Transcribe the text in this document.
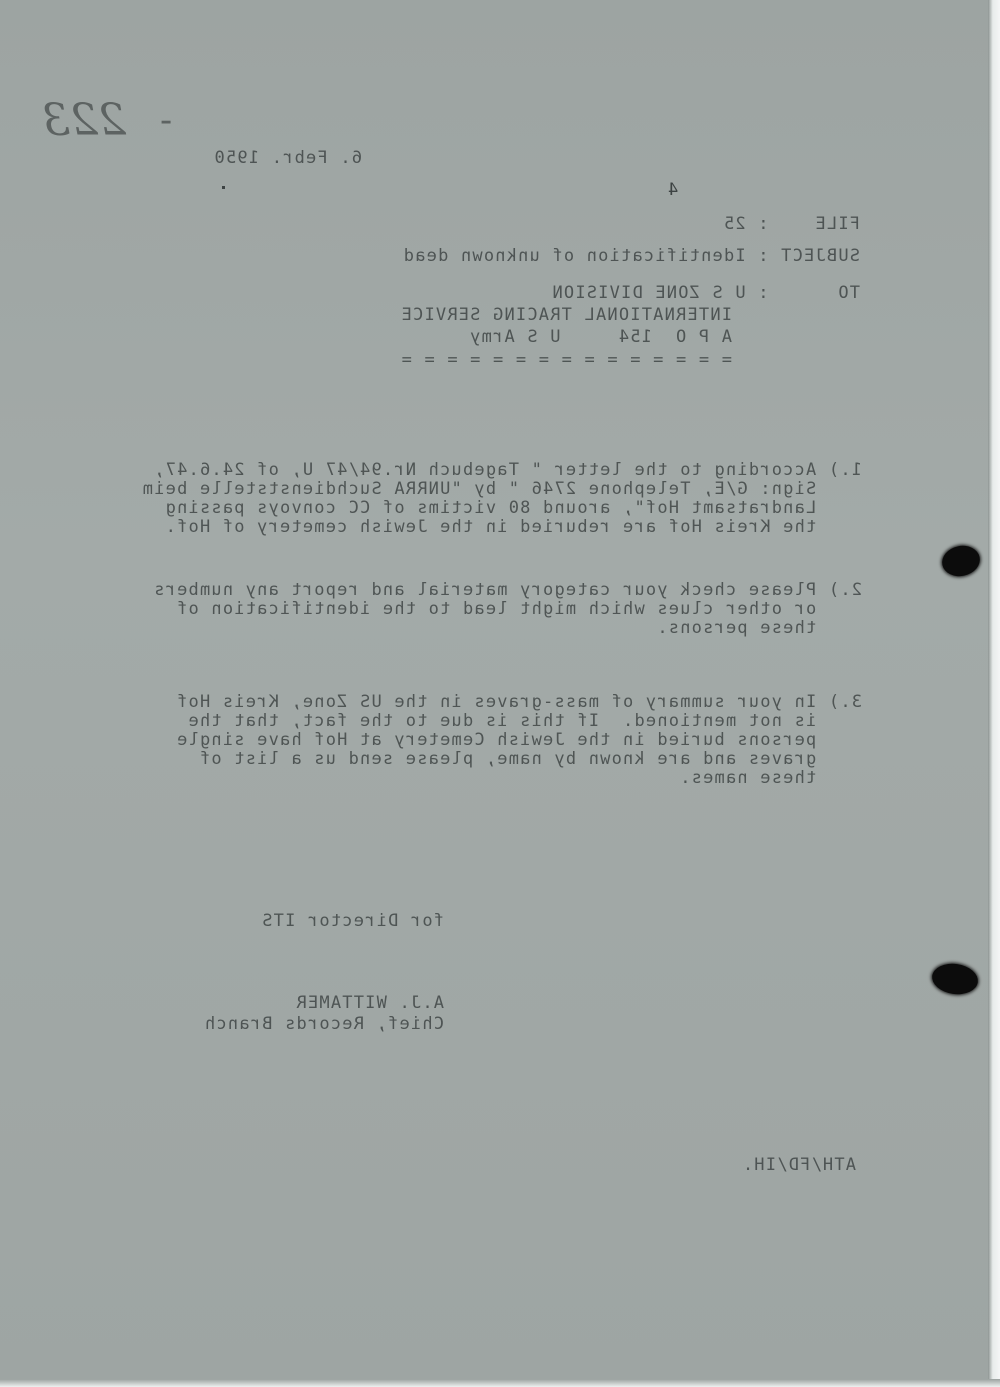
223 -
4
6. Febr. 1950
FILE    : 25
SUBJECT : Identification of unknown dead
TO      : U S ZONE DIVISION
INTERNATIONAL TRACING SERVICE
A P O  154     U S Army
= = = = = = = = = = = = = = =
1.) According to the letter " Tagebuch Nr.94/47 U, of 24.6.47,
Sign: G/E, Telephone 2746 " by "UNRRA Suchdienststelle beim
Landratsamt Hof", around 80 victims of CC convoys passing
the Kreis Hof are reburied in the Jewish cemetery of Hof.
2.) Please check your category material and report any numbers
or other clues which might lead to the identification of
these persons.
3.) In your summary of mass-graves in the US Zone, Kreis Hof
is not mentioned.  If this is due to the fact, that the
persons buried in the Jewish Cemetery at Hof have single
graves and are known by name, please send us a list of
these names.
for Director ITS
A.J. WITTAMER
Chief, Records Branch
ATH/FD/IH.
